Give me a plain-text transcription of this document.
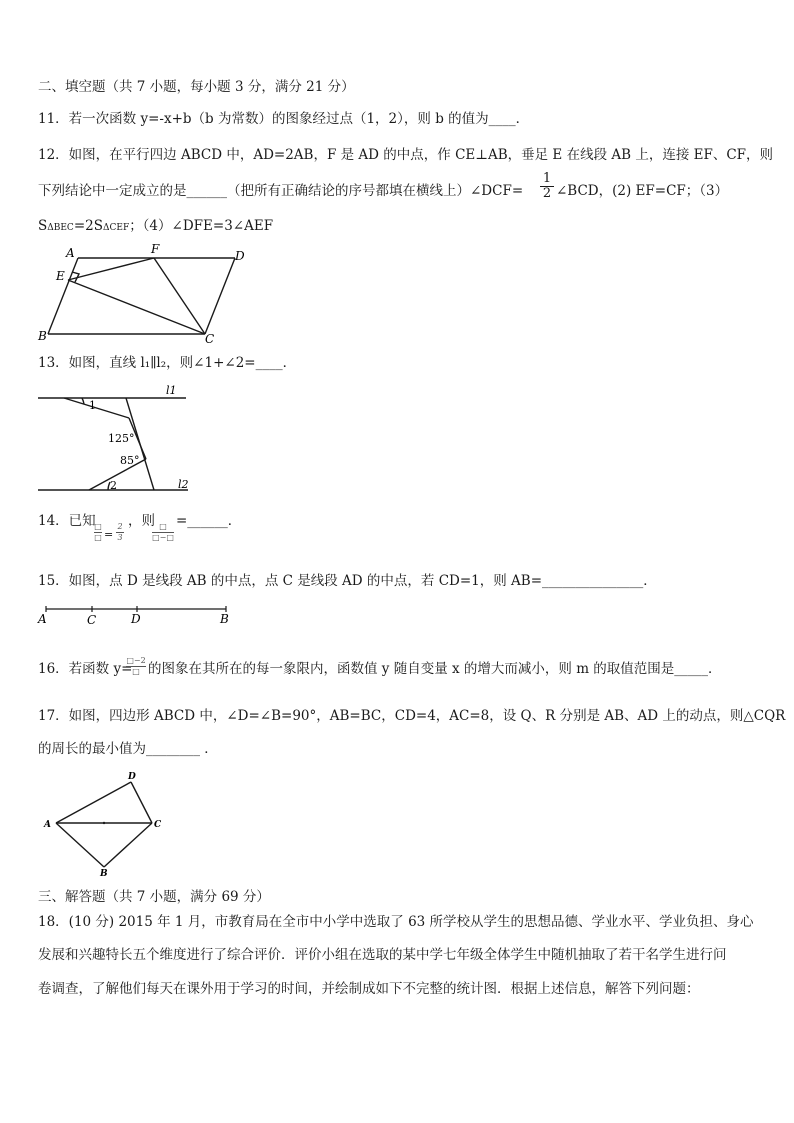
二、填空题（共 7 小题，每小题 3 分，满分 21 分）
11．若一次函数 y=-x+b（b 为常数）的图象经过点（1，2），则 b 的值为____．
12．如图，在平行四边 ABCD 中，AD=2AB，F 是 AD 的中点，作 CE⊥AB，垂足 E 在线段 AB 上，连接 EF、CF，则
下列结论中一定成立的是______（把所有正确结论的序号都填在横线上）∠DCF= $\frac{1}{2}$ ∠BCD，(2) EF=CF；（3）
SΔBEC=2SΔCEF；（4）∠DFE=3∠AEF
A	F	D
E
B	C
13．如图，直线 l₁∥l₂，则∠1+∠2=____．
l1
l2
1
2
125°
85°
14．已知
□
□ = $\frac{2}{3}$
，则 □
□−□
=______．
15．如图，点 D 是线段 AB 的中点，点 C 是线段 AD 的中点，若 CD=1，则 AB=_______________．
A	C	D	B
16．若函数 y=
□−2
□ 的图象在其所在的每一象限内，函数值 y 随自变量 x 的增大而减小，则 m 的取值范围是_____．
17．如图，四边形 ABCD 中，∠D=∠B=90°，AB=BC，CD=4，AC=8，设 Q、R 分别是 AB、AD 上的动点，则△CQR
的周长的最小值为________ ．
A
D
C
B
三、解答题（共 7 小题，满分 69 分）
18．(10 分) 2015 年 1 月，市教育局在全市中小学中选取了 63 所学校从学生的思想品德、学业水平、学业负担、身心
发展和兴趣特长五个维度进行了综合评价．评价小组在选取的某中学七年级全体学生中随机抽取了若干名学生进行问
卷调查，了解他们每天在课外用于学习的时间，并绘制成如下不完整的统计图．根据上述信息，解答下列问题：
